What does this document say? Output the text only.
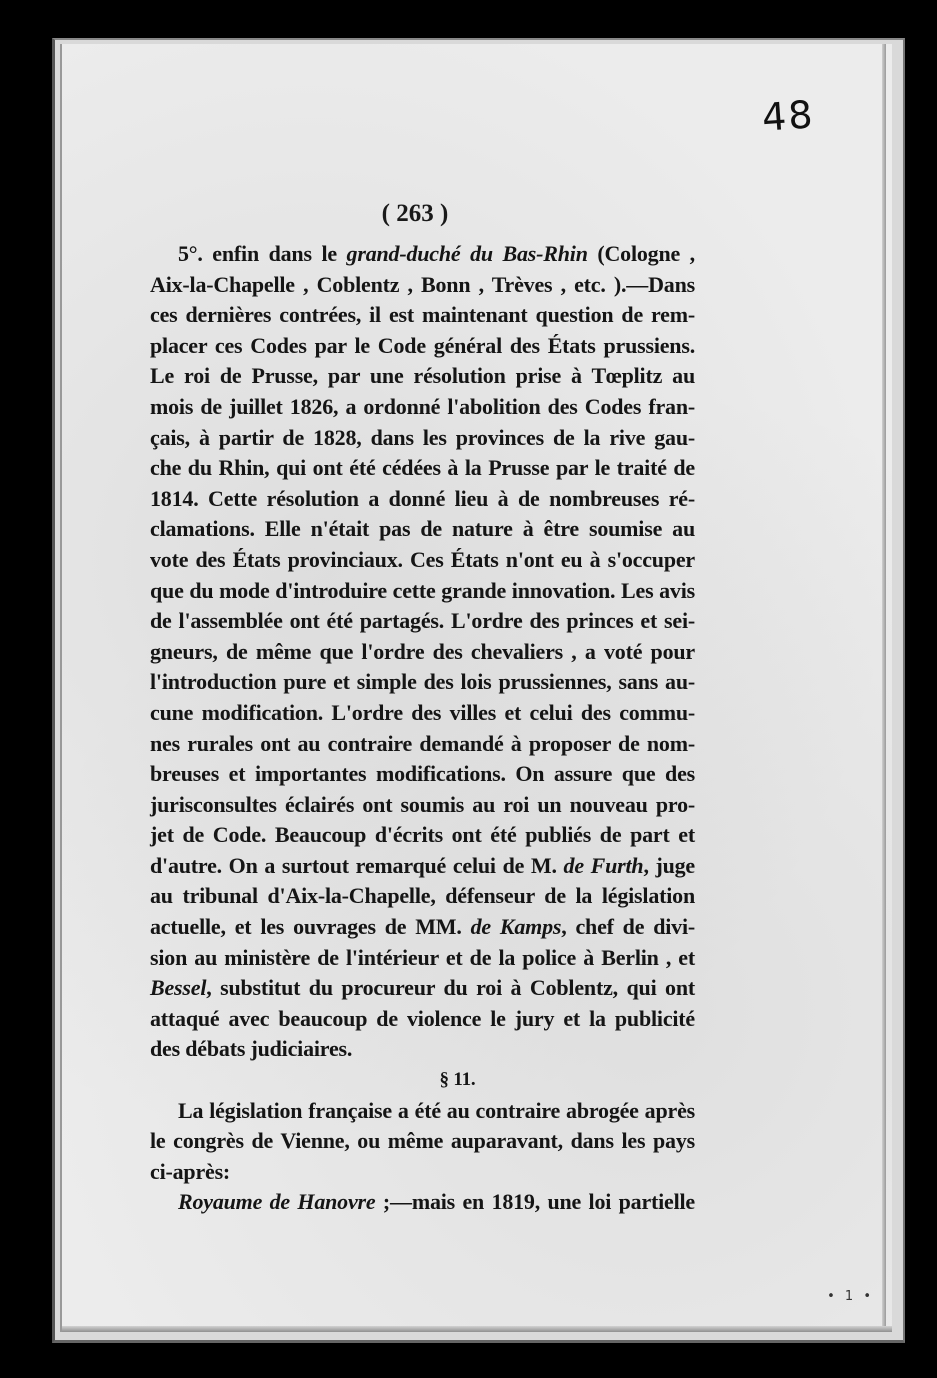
48
( 263 )
5°. enfin dans le grand-duché du Bas-Rhin (Cologne ,
Aix-la-Chapelle , Coblentz , Bonn , Trèves , etc. ).—Dans
ces dernières contrées, il est maintenant question de rem-
placer ces Codes par le Code général des États prussiens.
Le roi de Prusse, par une résolution prise à Tœplitz au
mois de juillet 1826, a ordonné l'abolition des Codes fran-
çais, à partir de 1828, dans les provinces de la rive gau-
che du Rhin, qui ont été cédées à la Prusse par le traité de
1814. Cette résolution a donné lieu à de nombreuses ré-
clamations. Elle n'était pas de nature à être soumise au
vote des États provinciaux. Ces États n'ont eu à s'occuper
que du mode d'introduire cette grande innovation. Les avis
de l'assemblée ont été partagés. L'ordre des princes et sei-
gneurs, de même que l'ordre des chevaliers , a voté pour
l'introduction pure et simple des lois prussiennes, sans au-
cune modification. L'ordre des villes et celui des commu-
nes rurales ont au contraire demandé à proposer de nom-
breuses et importantes modifications. On assure que des
jurisconsultes éclairés ont soumis au roi un nouveau pro-
jet de Code. Beaucoup d'écrits ont été publiés de part et
d'autre. On a surtout remarqué celui de M. de Furth, juge
au tribunal d'Aix-la-Chapelle, défenseur de la législation
actuelle, et les ouvrages de MM. de Kamps, chef de divi-
sion au ministère de l'intérieur et de la police à Berlin , et
Bessel, substitut du procureur du roi à Coblentz, qui ont
attaqué avec beaucoup de violence le jury et la publicité
des débats judiciaires.
§ 11.
La législation française a été au contraire abrogée après
le congrès de Vienne, ou même auparavant, dans les pays
ci-après:
Royaume de Hanovre ;—mais en 1819, une loi partielle
• 1 •
